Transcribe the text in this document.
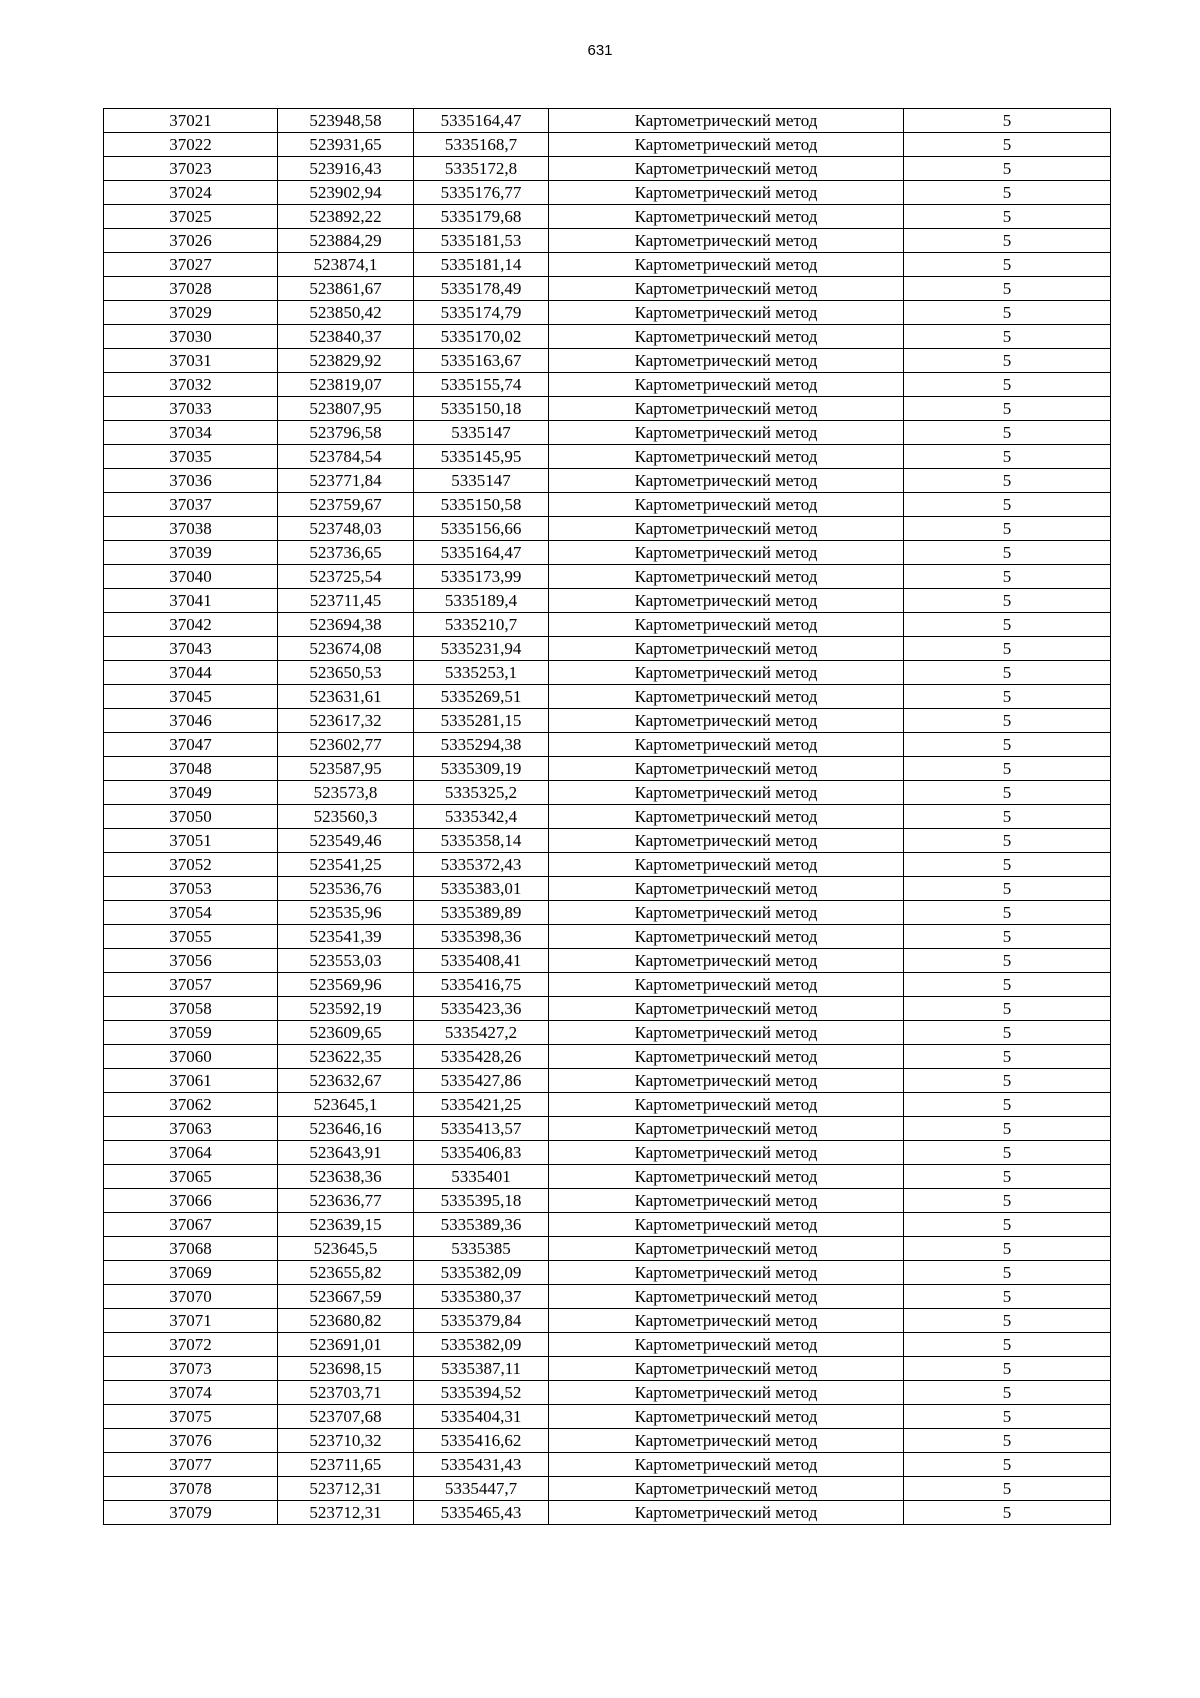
631
37021	523948,58	5335164,47	Картометрический метод	5
37022	523931,65	5335168,7	Картометрический метод	5
37023	523916,43	5335172,8	Картометрический метод	5
37024	523902,94	5335176,77	Картометрический метод	5
37025	523892,22	5335179,68	Картометрический метод	5
37026	523884,29	5335181,53	Картометрический метод	5
37027	523874,1	5335181,14	Картометрический метод	5
37028	523861,67	5335178,49	Картометрический метод	5
37029	523850,42	5335174,79	Картометрический метод	5
37030	523840,37	5335170,02	Картометрический метод	5
37031	523829,92	5335163,67	Картометрический метод	5
37032	523819,07	5335155,74	Картометрический метод	5
37033	523807,95	5335150,18	Картометрический метод	5
37034	523796,58	5335147	Картометрический метод	5
37035	523784,54	5335145,95	Картометрический метод	5
37036	523771,84	5335147	Картометрический метод	5
37037	523759,67	5335150,58	Картометрический метод	5
37038	523748,03	5335156,66	Картометрический метод	5
37039	523736,65	5335164,47	Картометрический метод	5
37040	523725,54	5335173,99	Картометрический метод	5
37041	523711,45	5335189,4	Картометрический метод	5
37042	523694,38	5335210,7	Картометрический метод	5
37043	523674,08	5335231,94	Картометрический метод	5
37044	523650,53	5335253,1	Картометрический метод	5
37045	523631,61	5335269,51	Картометрический метод	5
37046	523617,32	5335281,15	Картометрический метод	5
37047	523602,77	5335294,38	Картометрический метод	5
37048	523587,95	5335309,19	Картометрический метод	5
37049	523573,8	5335325,2	Картометрический метод	5
37050	523560,3	5335342,4	Картометрический метод	5
37051	523549,46	5335358,14	Картометрический метод	5
37052	523541,25	5335372,43	Картометрический метод	5
37053	523536,76	5335383,01	Картометрический метод	5
37054	523535,96	5335389,89	Картометрический метод	5
37055	523541,39	5335398,36	Картометрический метод	5
37056	523553,03	5335408,41	Картометрический метод	5
37057	523569,96	5335416,75	Картометрический метод	5
37058	523592,19	5335423,36	Картометрический метод	5
37059	523609,65	5335427,2	Картометрический метод	5
37060	523622,35	5335428,26	Картометрический метод	5
37061	523632,67	5335427,86	Картометрический метод	5
37062	523645,1	5335421,25	Картометрический метод	5
37063	523646,16	5335413,57	Картометрический метод	5
37064	523643,91	5335406,83	Картометрический метод	5
37065	523638,36	5335401	Картометрический метод	5
37066	523636,77	5335395,18	Картометрический метод	5
37067	523639,15	5335389,36	Картометрический метод	5
37068	523645,5	5335385	Картометрический метод	5
37069	523655,82	5335382,09	Картометрический метод	5
37070	523667,59	5335380,37	Картометрический метод	5
37071	523680,82	5335379,84	Картометрический метод	5
37072	523691,01	5335382,09	Картометрический метод	5
37073	523698,15	5335387,11	Картометрический метод	5
37074	523703,71	5335394,52	Картометрический метод	5
37075	523707,68	5335404,31	Картометрический метод	5
37076	523710,32	5335416,62	Картометрический метод	5
37077	523711,65	5335431,43	Картометрический метод	5
37078	523712,31	5335447,7	Картометрический метод	5
37079	523712,31	5335465,43	Картометрический метод	5
